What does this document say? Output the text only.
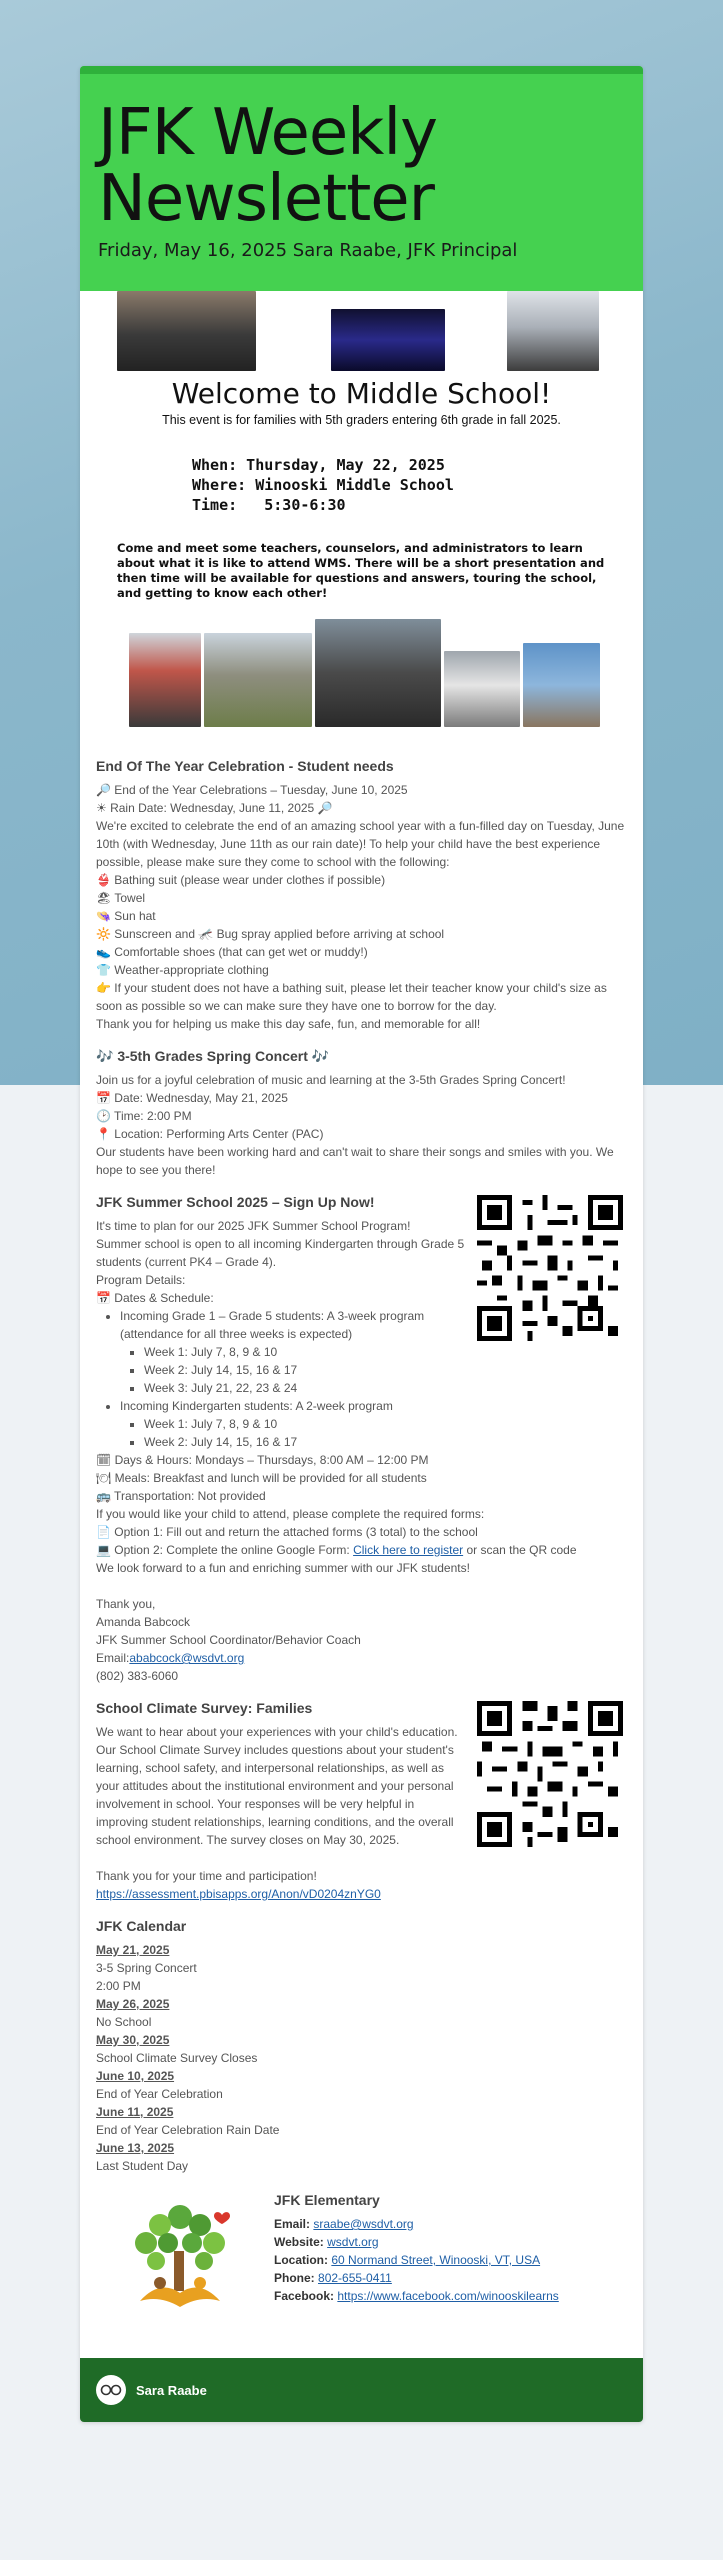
JFK Weekly
Newsletter
Friday, May 16, 2025 Sara Raabe, JFK Principal
Welcome to Middle School!
This event is for families with 5th graders entering 6th grade in fall 2025.
When: Thursday, May 22, 2025
Where: Winooski Middle School
Time:   5:30-6:30
Come and meet some teachers, counselors, and administrators to learn about what it is like to attend WMS. There will be a short presentation and then time will be available for questions and answers, touring the school, and getting to know each other!
End Of The Year Celebration - Student needs

🔎 End of the Year Celebrations – Tuesday, June 10, 2025

☀ Rain Date: Wednesday, June 11, 2025 🔎

We're excited to celebrate the end of an amazing school year with a fun-filled day on Tuesday, June 10th (with Wednesday, June 11th as our rain date)! To help your child have the best experience possible, please make sure they come to school with the following:

👙 Bathing suit (please wear under clothes if possible)

🏖 Towel

👒 Sun hat

🔆 Sunscreen and 🦟 Bug spray applied before arriving at school

👟 Comfortable shoes (that can get wet or muddy!)

👕 Weather-appropriate clothing

👉 If your student does not have a bathing suit, please let their teacher know your child's size as soon as possible so we can make sure they have one to borrow for the day.

Thank you for helping us make this day safe, fun, and memorable for all!

🎶 3-5th Grades Spring Concert 🎶

Join us for a joyful celebration of music and learning at the 3-5th Grades Spring Concert!

📅 Date: Wednesday, May 21, 2025

🕑 Time: 2:00 PM

📍 Location: Performing Arts Center (PAC)

Our students have been working hard and can't wait to share their songs and smiles with you. We hope to see you there!

JFK Summer School 2025 – Sign Up Now!

It's time to plan for our 2025 JFK Summer School Program!

Summer school is open to all incoming Kindergarten through Grade 5 students (current PK4 – Grade 4).

Program Details:

📅 Dates & Schedule:

• Incoming Grade 1 – Grade 5 students: A 3-week program (attendance for all three weeks is expected)
▪ Week 1: July 7, 8, 9 & 10
▪ Week 2: July 14, 15, 16 & 17
▪ Week 3: July 21, 22, 23 & 24
• Incoming Kindergarten students: A 2-week program
▪ Week 1: July 7, 8, 9 & 10
▪ Week 2: July 14, 15, 16 & 17

🗓 Days & Hours: Mondays – Thursdays, 8:00 AM – 12:00 PM

🍽 Meals: Breakfast and lunch will be provided for all students

🚌 Transportation: Not provided

If you would like your child to attend, please complete the required forms:

📄 Option 1: Fill out and return the attached forms (3 total) to the school

💻 Option 2: Complete the online Google Form: Click here to register or scan the QR code

We look forward to a fun and enriching summer with our JFK students!

Thank you,

Amanda Babcock

JFK Summer School Coordinator/Behavior Coach

Email:ababcock@wsdvt.org

(802) 383-6060

School Climate Survey: Families

We want to hear about your experiences with your child's education. Our School Climate Survey includes questions about your student's learning, school safety, and interpersonal relationships, as well as your attitudes about the institutional environment and your personal involvement in school. Your responses will be very helpful in improving student relationships, learning conditions, and the overall school environment. The survey closes on May 30, 2025.

Thank you for your time and participation!

https://assessment.pbisapps.org/Anon/vD0204znYG0

JFK Calendar

May 21, 2025

3-5 Spring Concert

2:00 PM

May 26, 2025

No School

May 30, 2025

School Climate Survey Closes

June 10, 2025

End of Year Celebration

June 11, 2025

End of Year Celebration Rain Date

June 13, 2025

Last Student Day

JFK Elementary

Email: sraabe@wsdvt.org

Website: wsdvt.org

Location: 60 Normand Street, Winooski, VT, USA

Phone: 802-655-0411

Facebook: https://www.facebook.com/winooskilearns

Sara Raabe
